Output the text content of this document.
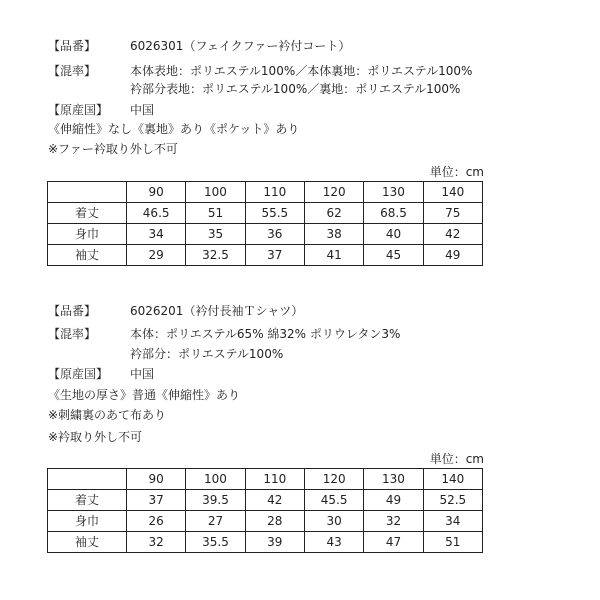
【品番】	6026301（フェイクファー衿付コート）
【混率】	本体表地：ポリエステル100%／本体裏地：ポリエステル100%
衿部分表地：ポリエステル100%／裏地：ポリエステル100%
【原産国】 中国
《伸縮性》なし《裏地》あり《ポケット》あり
※ファー衿取り外し不可
単位：cm
	90	100	110	120	130	140
着丈	46.5	51	55.5	62	68.5	75
身巾	34	35	36	38	40	42
袖丈	29	32.5	37	41	45	49
【品番】	6026201（衿付長袖Ｔシャツ）
【混率】	本体：ポリエステル65% 綿32% ポリウレタン3%
衿部分：ポリエステル100%
【原産国】 中国
《生地の厚さ》普通《伸縮性》あり
※刺繍裏のあて布あり
※衿取り外し不可
単位：cm
	90	100	110	120	130	140
着丈	37	39.5	42	45.5	49	52.5
身巾	26	27	28	30	32	34
袖丈	32	35.5	39	43	47	51
